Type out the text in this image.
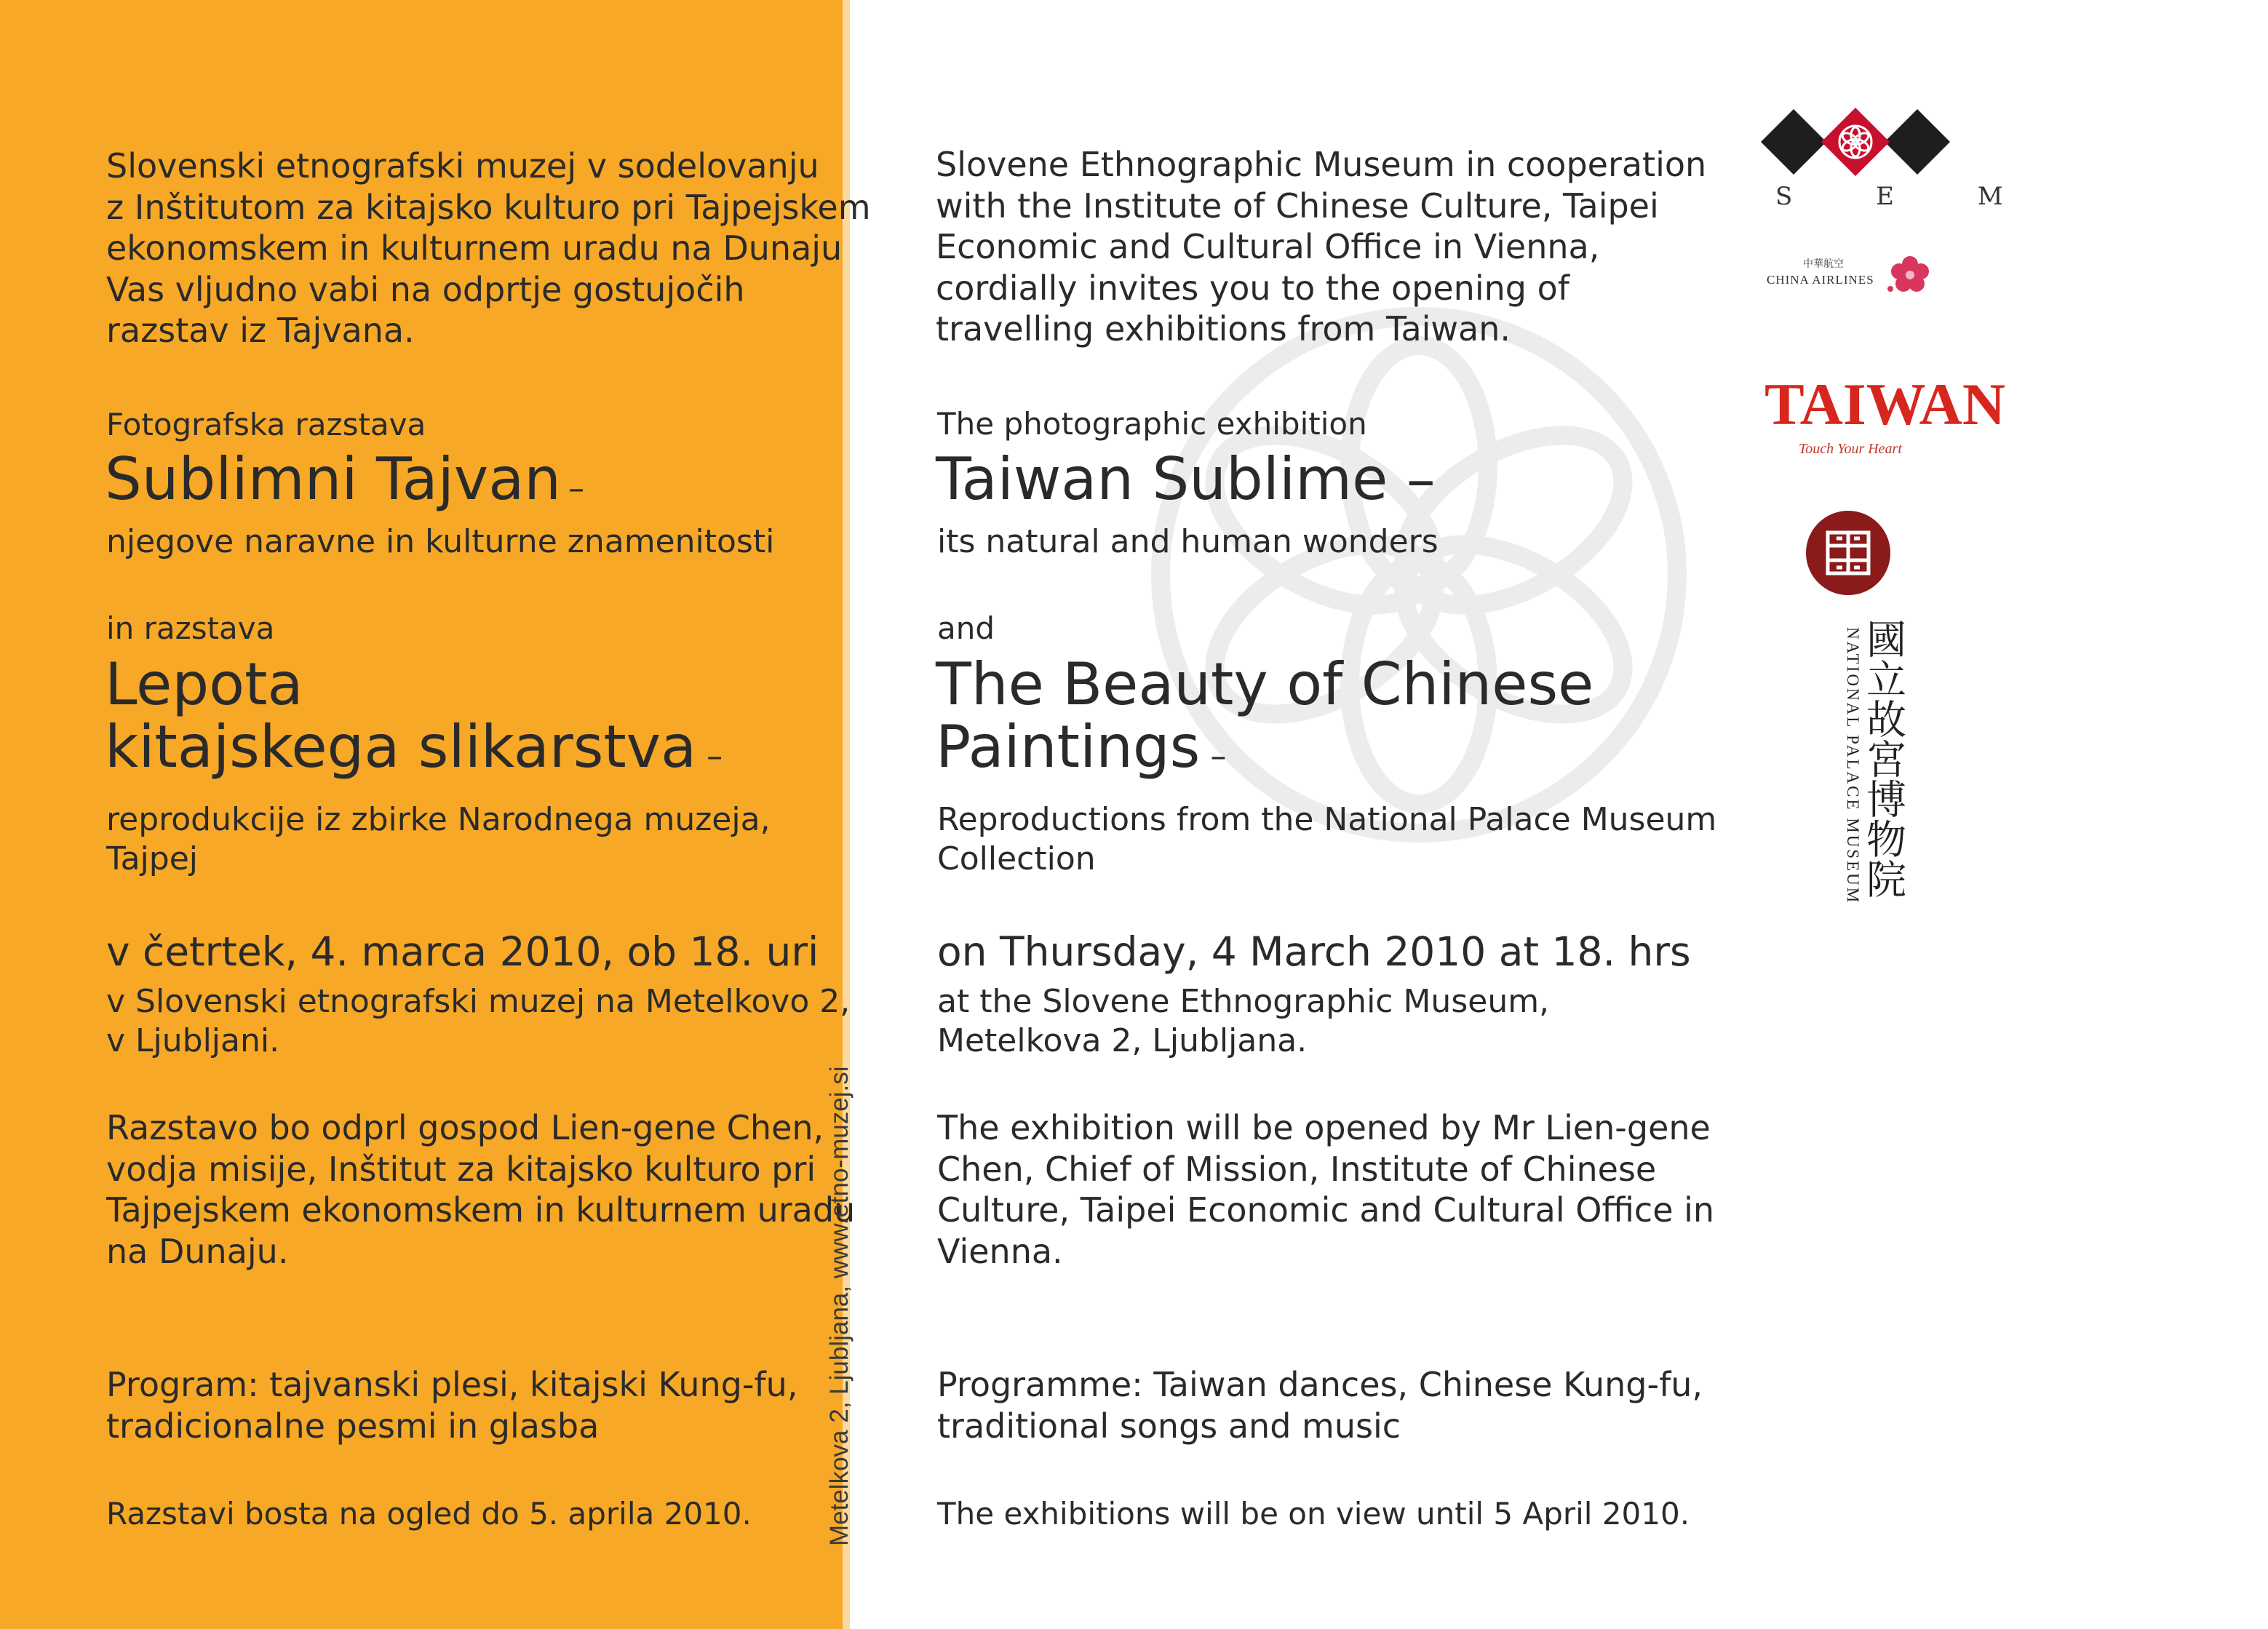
Slovenski etnografski muzej v sodelovanju
z Inštitutom za kitajsko kulturo pri Tajpejskem
ekonomskem in kulturnem uradu na Dunaju
Vas vljudno vabi na odprtje gostujočih
razstav iz Tajvana.
Fotografska razstava
Sublimni Tajvan –
njegove naravne in kulturne znamenitosti
in razstava
Lepota
kitajskega slikarstva –
reprodukcije iz zbirke Narodnega muzeja,
Tajpej
v četrtek, 4. marca 2010, ob 18. uri
v Slovenski etnografski muzej na Metelkovo 2,
v Ljubljani.
Razstavo bo odprl gospod Lien-gene Chen,
vodja misije, Inštitut za kitajsko kulturo pri
Tajpejskem ekonomskem in kulturnem uradu
na Dunaju.
Program: tajvanski plesi, kitajski Kung-fu,
tradicionalne pesmi in glasba
Razstavi bosta na ogled do 5. aprila 2010.	Metelkova 2, Ljubljana, www.etno-muzej.si
Slovene Ethnographic Museum in cooperation
with the Institute of Chinese Culture, Taipei
Economic and Cultural Office in Vienna,
cordially invites you to the opening of
travelling exhibitions from Taiwan.
The photographic exhibition
Taiwan Sublime –
its natural and human wonders
and
The Beauty of Chinese
Paintings –
Reproductions from the National Palace Museum
Collection
on Thursday, 4 March 2010 at 18. hrs
at the Slovene Ethnographic Museum,
Metelkova 2, Ljubljana.
The exhibition will be opened by Mr Lien-gene
Chen, Chief of Mission, Institute of Chinese
Culture, Taipei Economic and Cultural Office in
Vienna.
Programme: Taiwan dances, Chinese Kung-fu,
traditional songs and music
The exhibitions will be on view until 5 April 2010.
S E M
中華航空
CHINA AIRLINES
TAIWAN
Touch Your Heart
NATIONAL PALACE MUSEUM
國立故宮博物院
